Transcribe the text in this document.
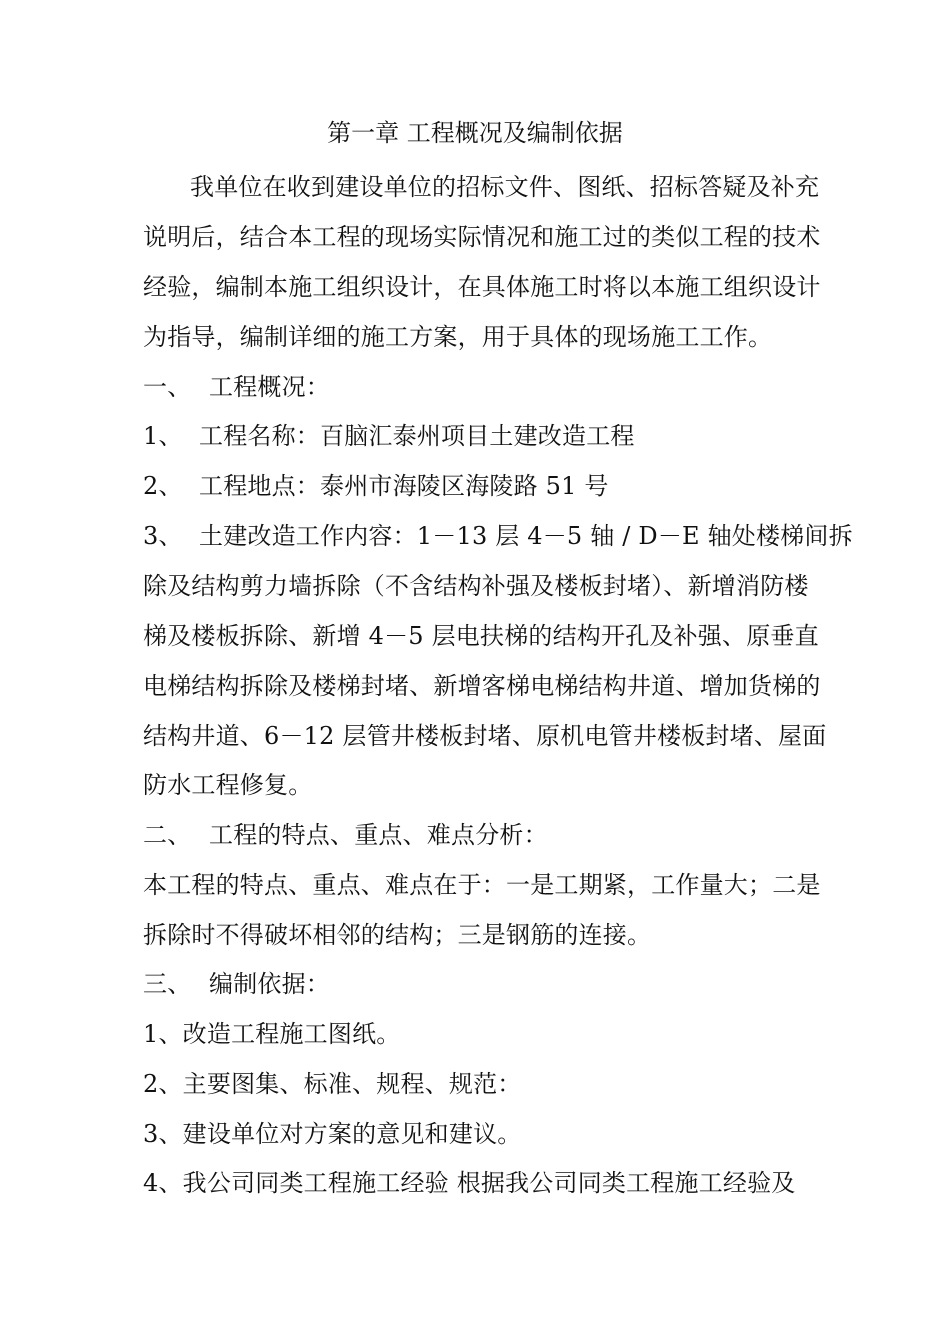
第一章 工程概况及编制依据
我单位在收到建设单位的招标文件、图纸、招标答疑及补充
说明后，结合本工程的现场实际情况和施工过的类似工程的技术
经验，编制本施工组织设计，在具体施工时将以本施工组织设计
为指导，编制详细的施工方案，用于具体的现场施工工作。
一、 工程概况：
1、 工程名称：百脑汇泰州项目土建改造工程
2、 工程地点：泰州市海陵区海陵路 51 号
3、 土建改造工作内容：1－13 层 4－5 轴 / D－E 轴处楼梯间拆
除及结构剪力墙拆除（不含结构补强及楼板封堵）、新增消防楼
梯及楼板拆除、新增 4－5 层电扶梯的结构开孔及补强、原垂直
电梯结构拆除及楼梯封堵、新增客梯电梯结构井道、增加货梯的
结构井道、6－12 层管井楼板封堵、原机电管井楼板封堵、屋面
防水工程修复。
二、 工程的特点、重点、难点分析：
本工程的特点、重点、难点在于：一是工期紧，工作量大；二是
拆除时不得破坏相邻的结构；三是钢筋的连接。
三、 编制依据：
1、改造工程施工图纸。
2、主要图集、标准、规程、规范：
3、建设单位对方案的意见和建议。
4、我公司同类工程施工经验 根据我公司同类工程施工经验及
